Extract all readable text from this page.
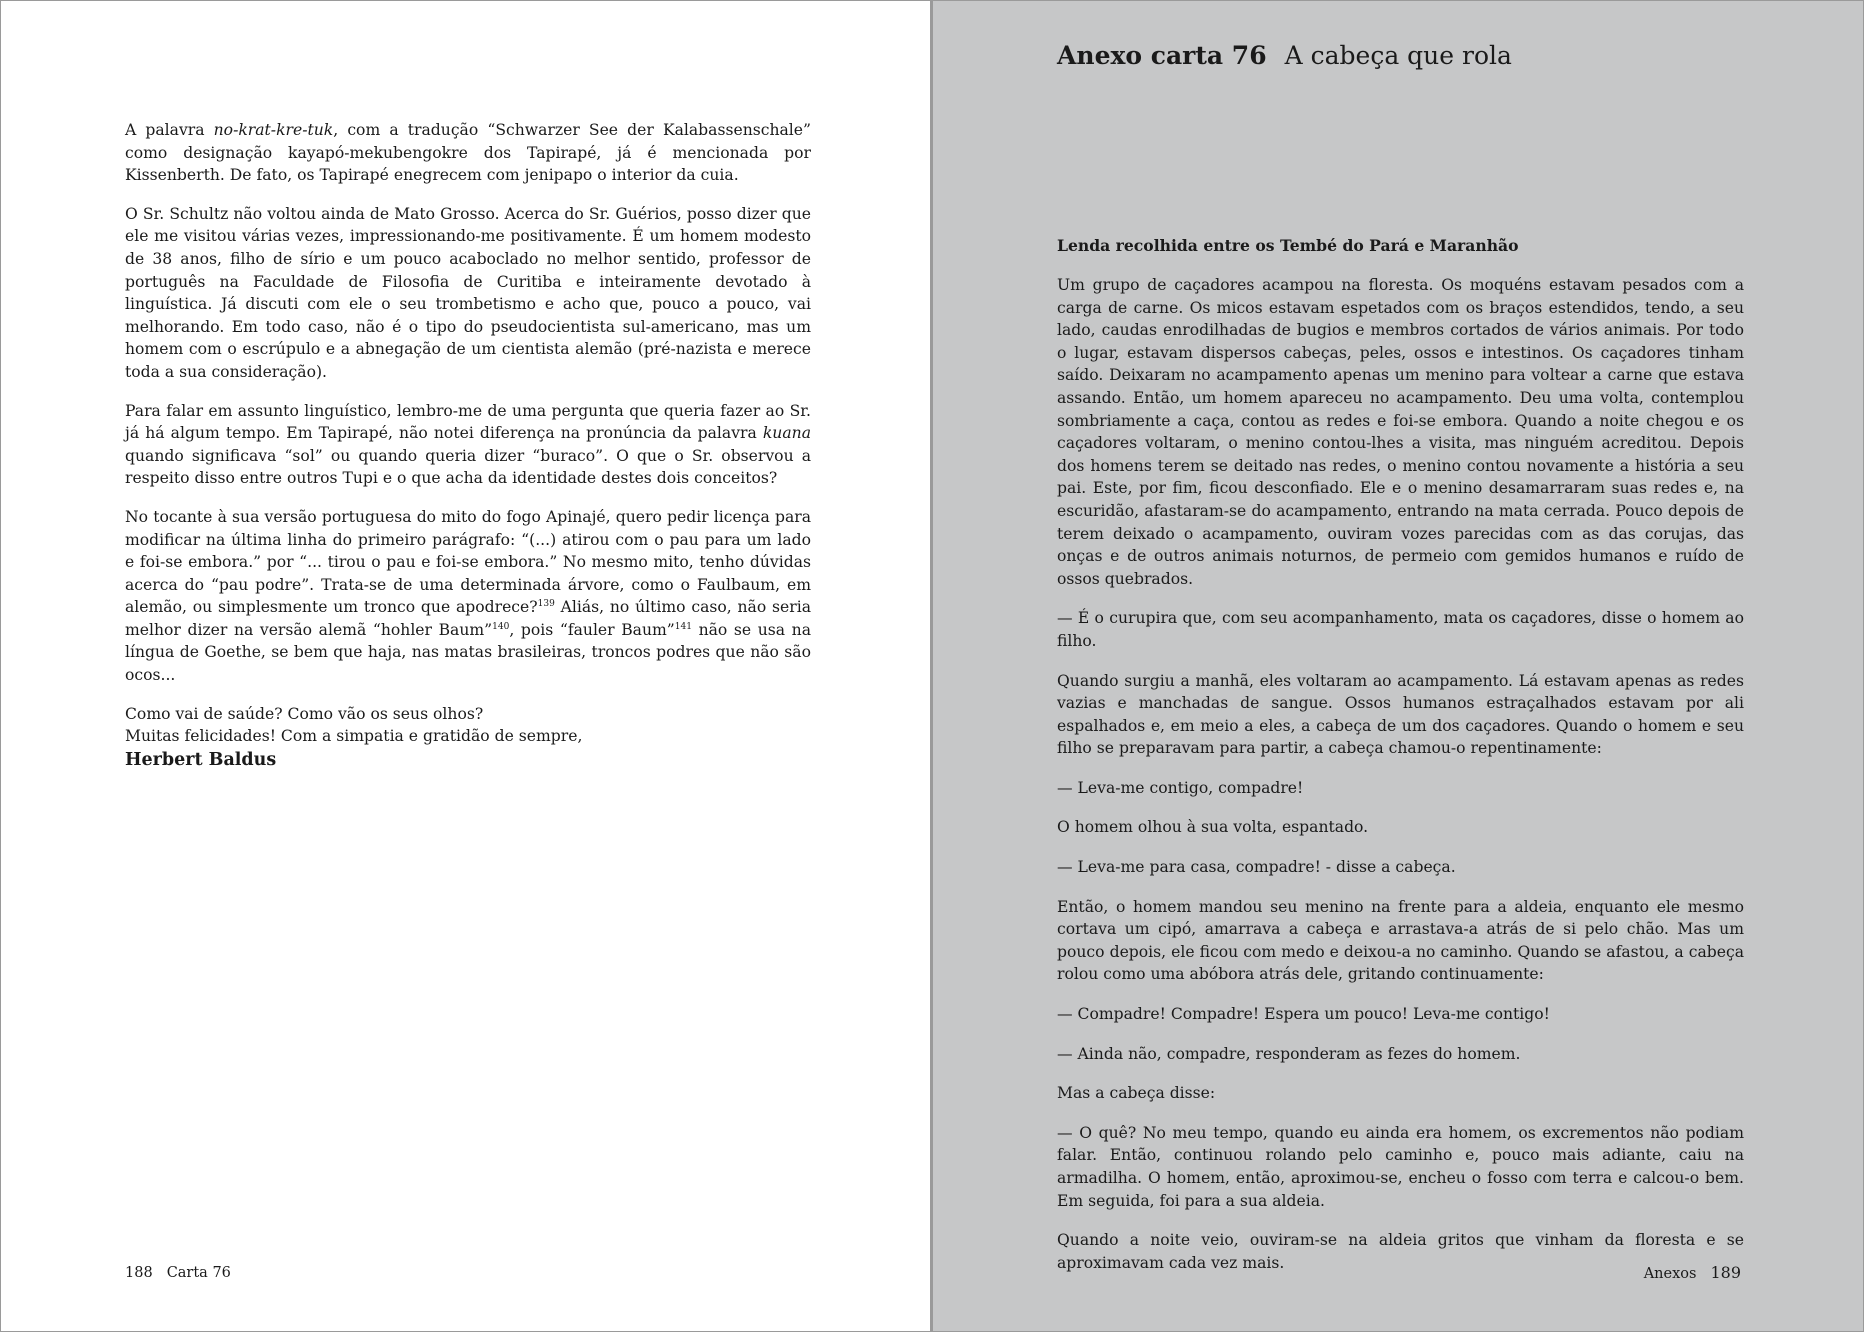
A palavra no-krat-kre-tuk, com a tradução “Schwarzer See der Kalabassenschale” como designação kayapó-mekubengokre dos Tapirapé, já é mencionada por Kissenberth. De fato, os Tapirapé enegrecem com jenipapo o interior da cuia.

O Sr. Schultz não voltou ainda de Mato Grosso. Acerca do Sr. Guérios, posso dizer que ele me visitou várias vezes, impressionando-me positivamente. É um homem modesto de 38 anos, filho de sírio e um pouco acaboclado no melhor sentido, professor de português na Faculdade de Filosofia de Curitiba e inteiramente devotado à linguística. Já discuti com ele o seu trombetismo e acho que, pouco a pouco, vai melhorando. Em todo caso, não é o tipo do pseudocientista sul-americano, mas um homem com o escrúpulo e a abnegação de um cientista alemão (pré-nazista e merece toda a sua consideração).

Para falar em assunto linguístico, lembro-me de uma pergunta que queria fazer ao Sr. já há algum tempo. Em Tapirapé, não notei diferença na pronúncia da palavra kuana quando significava “sol” ou quando queria dizer “buraco”. O que o Sr. observou a respeito disso entre outros Tupi e o que acha da identidade destes dois conceitos?

No tocante à sua versão portuguesa do mito do fogo Apinajé, quero pedir licença para modificar na última linha do primeiro parágrafo: “(...) atirou com o pau para um lado e foi-se embora.” por “... tirou o pau e foi-se embora.” No mesmo mito, tenho dúvidas acerca do “pau podre”. Trata-se de uma determinada árvore, como o Faulbaum, em alemão, ou simplesmente um tronco que apodrece?$^{139}$ Aliás, no último caso, não seria melhor dizer na versão alemã “hohler Baum”$^{140}$, pois “fauler Baum”$^{141}$ não se usa na língua de Goethe, se bem que haja, nas matas brasileiras, troncos podres que não são ocos...

Como vai de saúde? Como vão os seus olhos?

Muitas felicidades! Com a simpatia e gratidão de sempre,

Herbert Baldus
188 Carta 76
Anexo carta 76 A cabeça que rola
Lenda recolhida entre os Tembé do Pará e Maranhão

Um grupo de caçadores acampou na floresta. Os moquéns estavam pesados com a carga de carne. Os micos estavam espetados com os braços estendidos, tendo, a seu lado, caudas enrodilhadas de bugios e membros cortados de vários animais. Por todo o lugar, estavam dispersos cabeças, peles, ossos e intestinos. Os caçadores tinham saído. Deixaram no acampamento apenas um menino para voltear a carne que estava assando. Então, um homem apareceu no acampamento. Deu uma volta, contemplou sombriamente a caça, contou as redes e foi-se embora. Quando a noite chegou e os caçadores voltaram, o menino contou-lhes a visita, mas ninguém acreditou. Depois dos homens terem se deitado nas redes, o menino contou novamente a história a seu pai. Este, por fim, ficou desconfiado. Ele e o menino desamarraram suas redes e, na escuridão, afastaram-se do acampamento, entrando na mata cerrada. Pouco depois de terem deixado o acampamento, ouviram vozes parecidas com as das corujas, das onças e de outros animais noturnos, de permeio com gemidos humanos e ruído de ossos quebrados.

— É o curupira que, com seu acompanhamento, mata os caçadores, disse o homem ao filho.

Quando surgiu a manhã, eles voltaram ao acampamento. Lá estavam apenas as redes vazias e manchadas de sangue. Ossos humanos estraçalhados estavam por ali espalhados e, em meio a eles, a cabeça de um dos caçadores. Quando o homem e seu filho se preparavam para partir, a cabeça chamou-o repentinamente:

— Leva-me contigo, compadre!

O homem olhou à sua volta, espantado.

— Leva-me para casa, compadre! - disse a cabeça.

Então, o homem mandou seu menino na frente para a aldeia, enquanto ele mesmo cortava um cipó, amarrava a cabeça e arrastava-a atrás de si pelo chão. Mas um pouco depois, ele ficou com medo e deixou-a no caminho. Quando se afastou, a cabeça rolou como uma abóbora atrás dele, gritando continuamente:

— Compadre! Compadre! Espera um pouco! Leva-me contigo!

— Ainda não, compadre, responderam as fezes do homem.

Mas a cabeça disse:

— O quê? No meu tempo, quando eu ainda era homem, os excrementos não podiam falar. Então, continuou rolando pelo caminho e, pouco mais adiante, caiu na armadilha. O homem, então, aproximou-se, encheu o fosso com terra e calcou-o bem. Em seguida, foi para a sua aldeia.

Quando a noite veio, ouviram-se na aldeia gritos que vinham da floresta e se aproximavam cada vez mais.

Anexos 189
